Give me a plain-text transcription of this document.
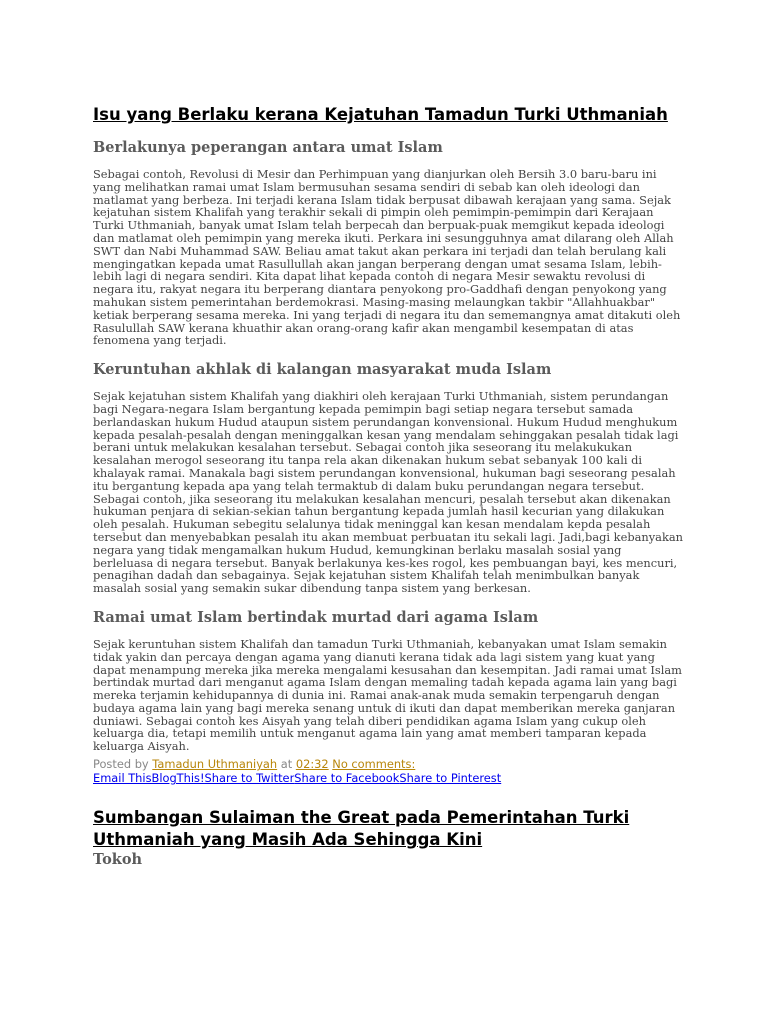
Isu yang Berlaku kerana Kejatuhan Tamadun Turki Uthmaniah
Berlakunya peperangan antara umat Islam

Sebagai contoh, Revolusi di Mesir dan Perhimpuan yang dianjurkan oleh Bersih 3.0 baru-baru ini yang melihatkan ramai umat Islam bermusuhan sesama sendiri di sebab kan oleh ideologi dan matlamat yang berbeza. Ini terjadi kerana Islam tidak berpusat dibawah kerajaan yang sama. Sejak kejatuhan sistem Khalifah yang terakhir sekali di pimpin oleh pemimpin-pemimpin dari Kerajaan Turki Uthmaniah, banyak umat Islam telah berpecah dan berpuak-puak memgikut kepada ideologi dan matlamat oleh pemimpin yang mereka ikuti. Perkara ini sesungguhnya amat dilarang oleh Allah SWT dan Nabi Muhammad SAW. Beliau amat takut akan perkara ini terjadi dan telah berulang kali mengingatkan kepada umat Rasullullah akan jangan berperang dengan umat sesama Islam, lebih-lebih lagi di negara sendiri. Kita dapat lihat kepada contoh di negara Mesir sewaktu revolusi di negara itu, rakyat negara itu berperang diantara penyokong pro-Gaddhafi dengan penyokong yang mahukan sistem pemerintahan berdemokrasi. Masing-masing melaungkan takbir "Allahhuakbar" ketiak berperang sesama mereka. Ini yang terjadi di negara itu dan sememangnya amat ditakuti oleh Rasulullah SAW kerana khuathir akan orang-orang kafir akan mengambil kesempatan di atas fenomena yang terjadi.

Keruntuhan akhlak di kalangan masyarakat muda Islam

Sejak kejatuhan sistem Khalifah yang diakhiri oleh kerajaan Turki Uthmaniah, sistem perundangan bagi Negara-negara Islam bergantung kepada pemimpin bagi setiap negara tersebut samada berlandaskan hukum Hudud ataupun sistem perundangan konvensional. Hukum Hudud menghukum kepada pesalah-pesalah dengan meninggalkan kesan yang mendalam sehinggakan pesalah tidak lagi berani untuk melakukan kesalahan tersebut. Sebagai contoh jika seseorang itu melakukukan kesalahan merogol seseorang itu tanpa rela akan dikenakan hukum sebat sebanyak 100 kali di khalayak ramai. Manakala bagi sistem perundangan konvensional, hukuman bagi seseorang pesalah itu bergantung kepada apa yang telah termaktub di dalam buku perundangan negara tersebut. Sebagai contoh, jika seseorang itu melakukan kesalahan mencuri, pesalah tersebut akan dikenakan hukuman penjara di sekian-sekian tahun bergantung kepada jumlah hasil kecurian yang dilakukan oleh pesalah. Hukuman sebegitu selalunya tidak meninggal kan kesan mendalam kepda pesalah tersebut dan menyebabkan pesalah itu akan membuat perbuatan itu sekali lagi. Jadi,bagi kebanyakan negara yang tidak mengamalkan hukum Hudud, kemungkinan berlaku masalah sosial yang berleluasa di negara tersebut. Banyak berlakunya kes-kes rogol, kes pembuangan bayi, kes mencuri, penagihan dadah dan sebagainya. Sejak kejatuhan sistem Khalifah telah menimbulkan banyak masalah sosial yang semakin sukar dibendung tanpa sistem yang berkesan.

Ramai umat Islam bertindak murtad dari agama Islam

Sejak keruntuhan sistem Khalifah dan tamadun Turki Uthmaniah, kebanyakan umat Islam semakin tidak yakin dan percaya dengan agama yang dianuti kerana tidak ada lagi sistem yang kuat yang dapat menampung mereka jika mereka mengalami kesusahan dan kesempitan. Jadi ramai umat Islam bertindak murtad dari menganut agama Islam dengan memaling tadah kepada agama lain yang bagi mereka terjamin kehidupannya di dunia ini. Ramai anak-anak muda semakin terpengaruh dengan budaya agama lain yang bagi mereka senang untuk di ikuti dan dapat memberikan mereka ganjaran duniawi. Sebagai contoh kes Aisyah yang telah diberi pendidikan agama Islam yang cukup oleh keluarga dia, tetapi memilih untuk menganut agama lain yang amat memberi tamparan kepada keluarga Aisyah.

Posted by Tamadun Uthmaniyah at 02:32 No comments:
Email ThisBlogThis!Share to TwitterShare to FacebookShare to Pinterest
Sumbangan Sulaiman the Great pada Pemerintahan Turki Uthmaniah yang Masih Ada Sehingga Kini
Tokoh
